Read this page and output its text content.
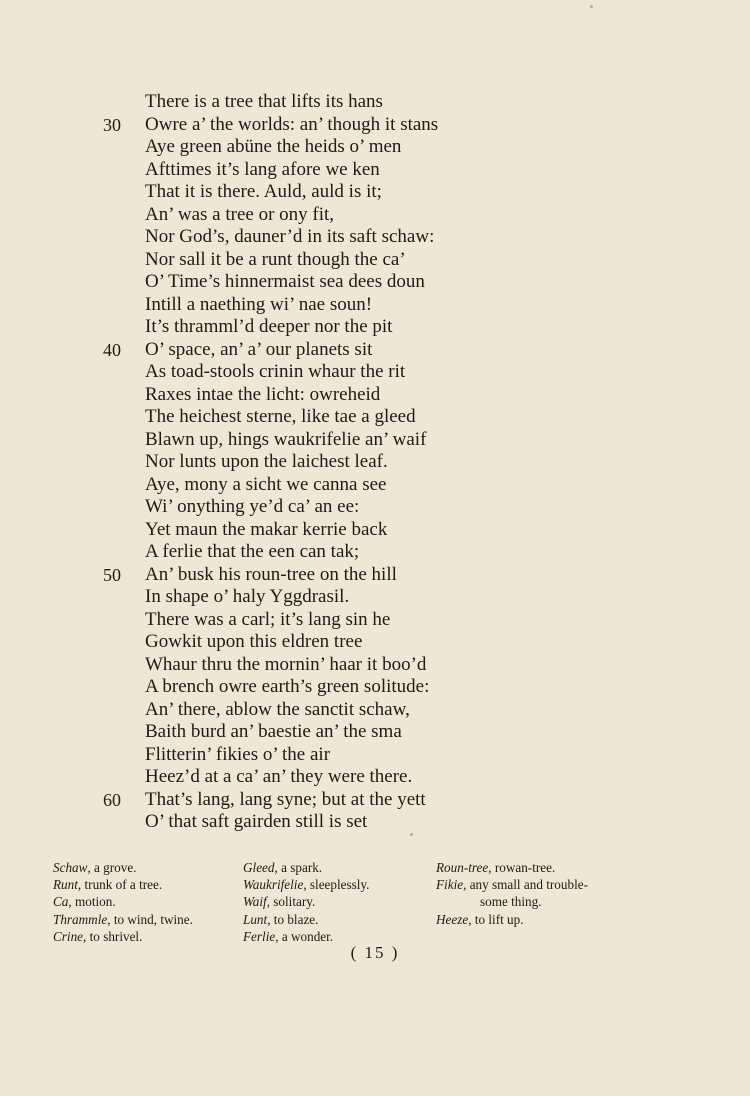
There is a tree that lifts its hans
30 Owre a’ the worlds: an’ though it stans
Aye green abüne the heids o’ men
Afttimes it’s lang afore we ken
That it is there. Auld, auld is it;
An’ was a tree or ony fit,
Nor God’s, dauner’d in its saft schaw:
Nor sall it be a runt though the ca’
O’ Time’s hinnermaist sea dees doun
Intill a naething wi’ nae soun!
It’s thramml’d deeper nor the pit
40 O’ space, an’ a’ our planets sit
As toad-stools crinin whaur the rit
Raxes intae the licht: owreheid
The heichest sterne, like tae a gleed
Blawn up, hings waukrifelie an’ waif
Nor lunts upon the laichest leaf.
Aye, mony a sicht we canna see
Wi’ onything ye’d ca’ an ee:
Yet maun the makar kerrie back
A ferlie that the een can tak;
50 An’ busk his roun-tree on the hill
In shape o’ haly Yggdrasil.
There was a carl; it’s lang sin he
Gowkit upon this eldren tree
Whaur thru the mornin’ haar it boo’d
A brench owre earth’s green solitude:
An’ there, ablow the sanctit schaw,
Baith burd an’ baestie an’ the sma
Flitterin’ fikies o’ the air
Heez’d at a ca’ an’ they were there.
60 That’s lang, lang syne; but at the yett
O’ that saft gairden still is set
Schaw, a grove.
Runt, trunk of a tree.
Ca, motion.
Thrammle, to wind, twine.
Crine, to shrivel.
Gleed, a spark.
Waukrifelie, sleeplessly.
Waif, solitary.
Lunt, to blaze.
Ferlie, a wonder.
Roun-tree, rowan-tree.
Fikie, any small and trouble-
some thing.
Heeze, to lift up.
( 15 )
